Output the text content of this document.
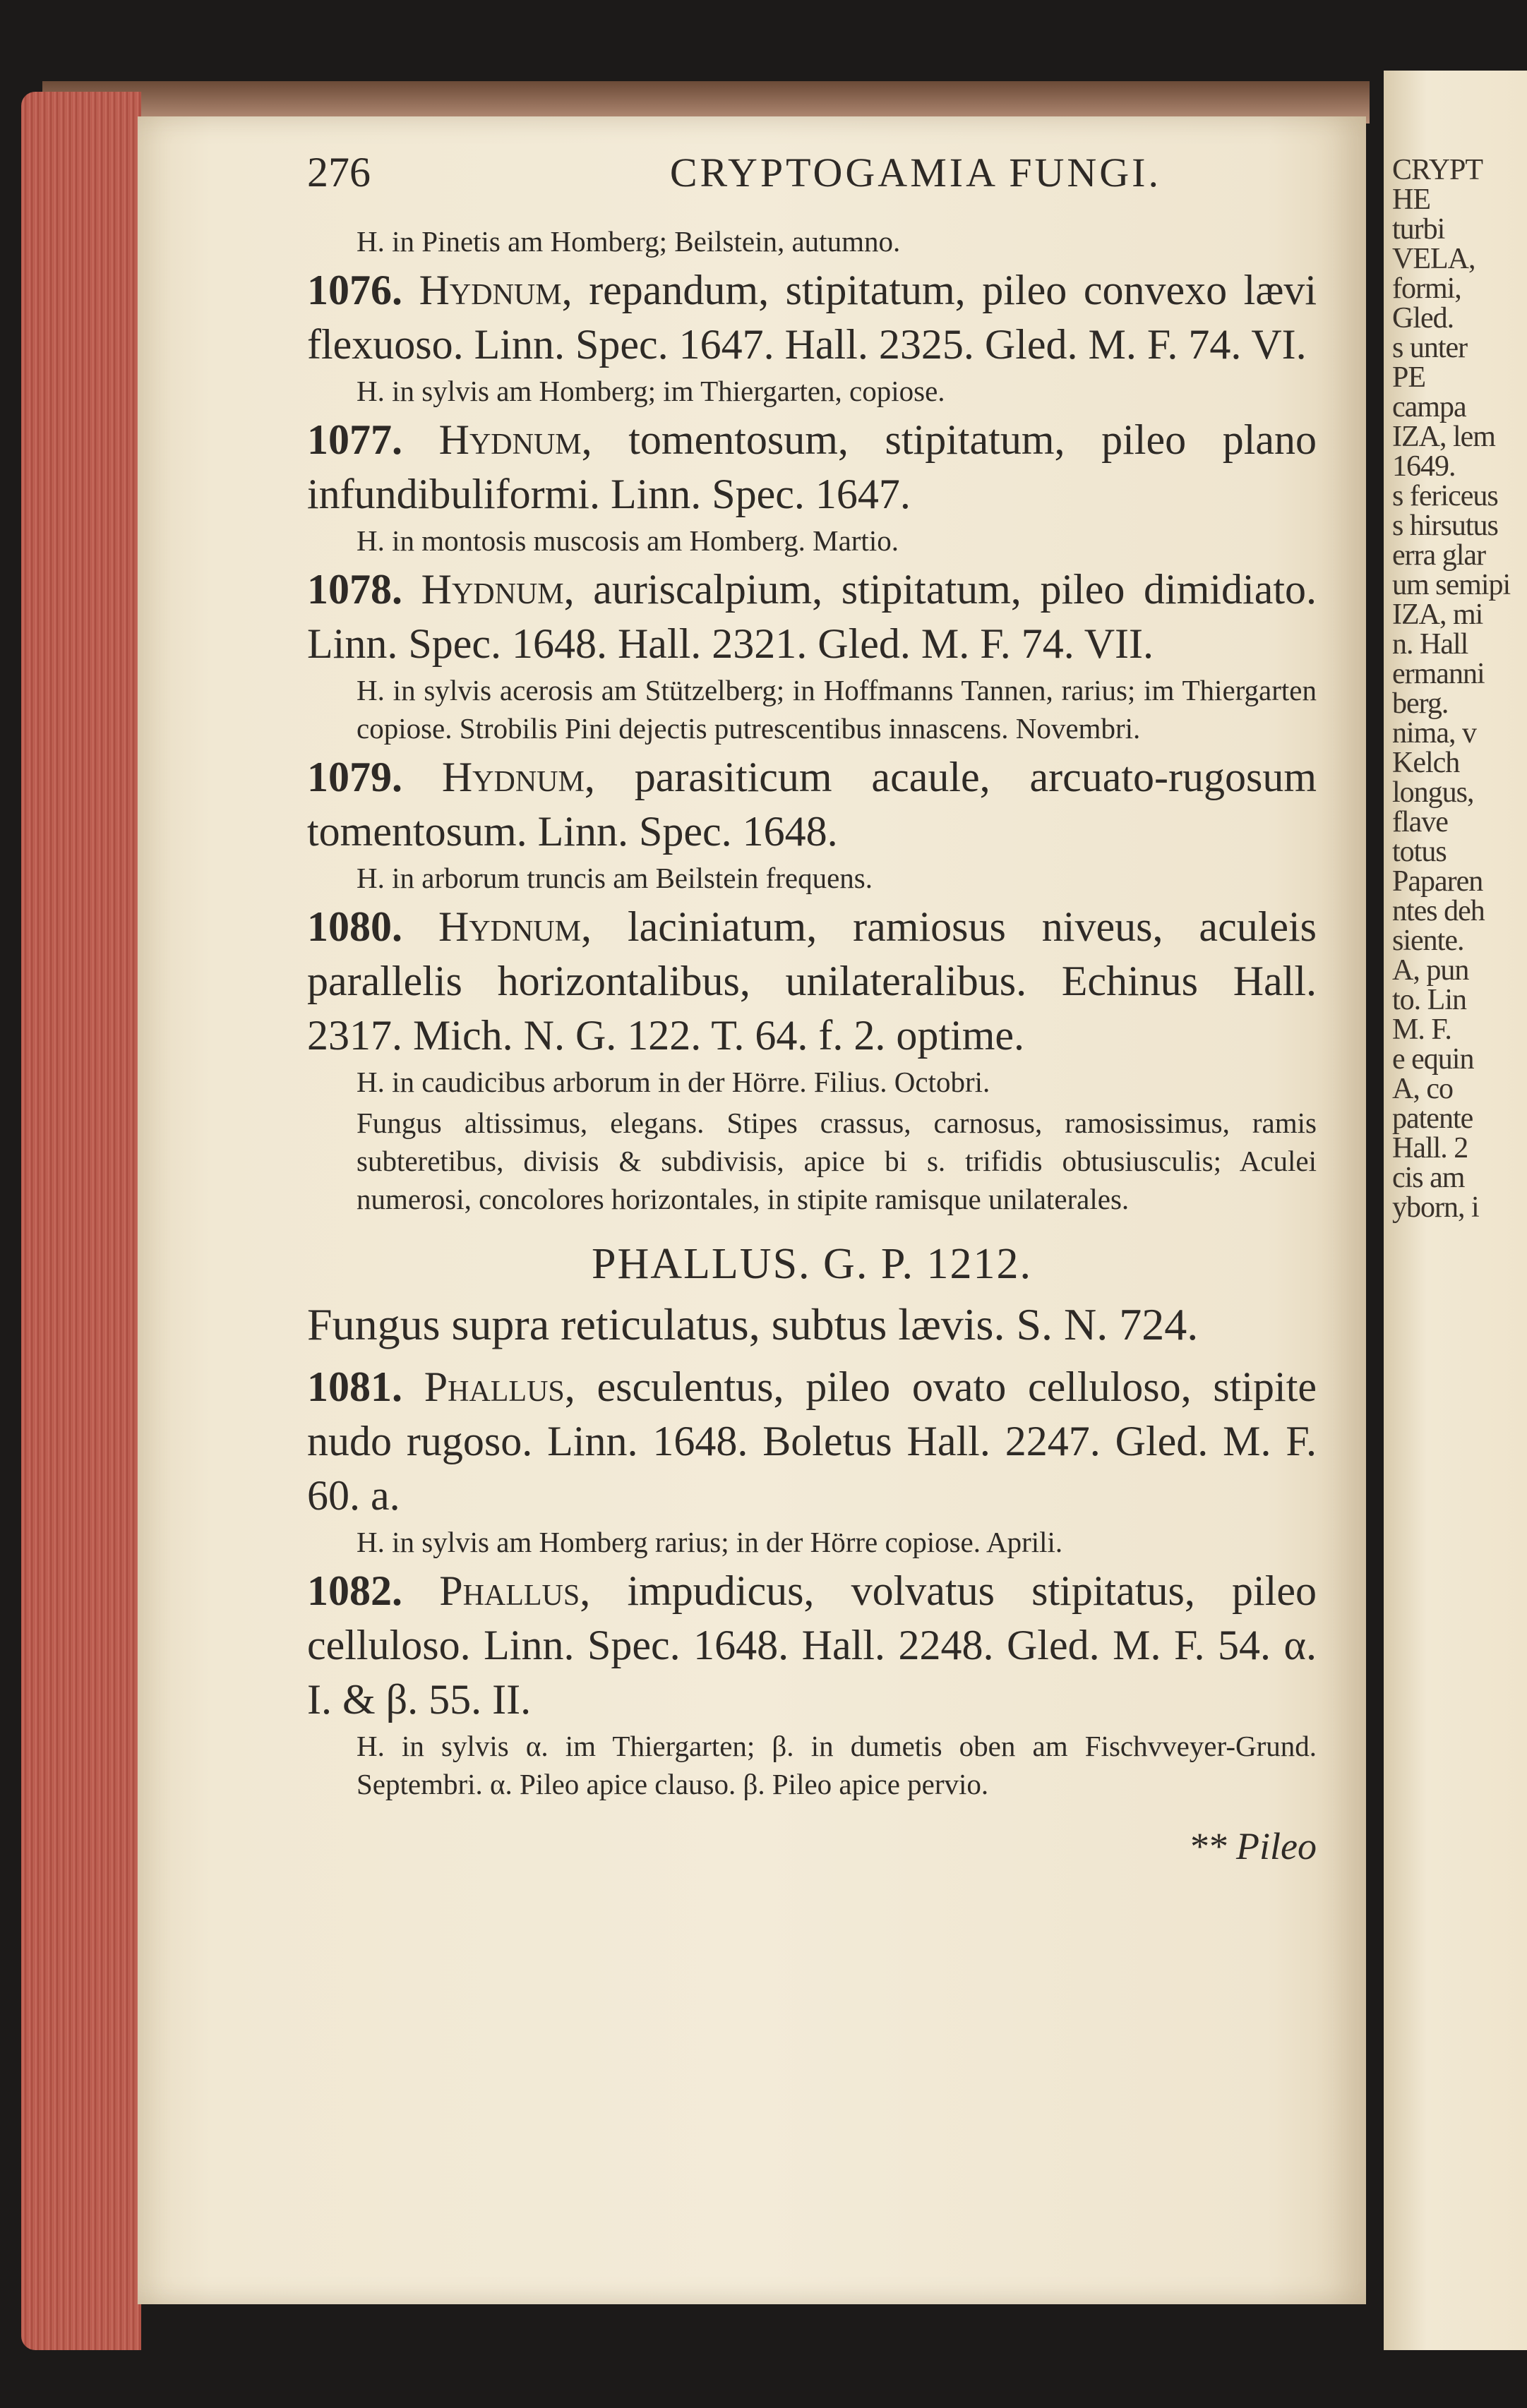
CRYPT
HE
turbi
VELA,
formi,
Gled.
s unter
PE
campa
IZA, lem
1649.
s fericeus
s hirsutus
erra glar
um semipi
IZA, mi
n. Hall
ermanni
berg.
nima, v
Kelch
longus,
flave
totus
Paparen
ntes deh
siente.
A, pun
to. Lin
M. F.
e equin
A, co
patente
Hall. 2
cis am
yborn, i
276	CRYPTOGAMIA FUNGI.

H. in Pinetis am Homberg; Beilstein, autumno.

1076. Hydnum, repandum, stipitatum, pileo convexo lævi flexuoso. Linn. Spec. 1647. Hall. 2325. Gled. M. F. 74. VI.

H. in sylvis am Homberg; im Thiergarten, copiose.

1077. Hydnum, tomentosum, stipitatum, pileo plano infundibuliformi. Linn. Spec. 1647.

H. in montosis muscosis am Homberg. Martio.

1078. Hydnum, auriscalpium, stipitatum, pileo dimidiato. Linn. Spec. 1648. Hall. 2321. Gled. M. F. 74. VII.

H. in sylvis acerosis am Stützelberg; in Hoffmanns Tannen, rarius; im Thiergarten copiose. Strobilis Pini dejectis putrescentibus innascens. Novembri.

1079. Hydnum, parasiticum acaule, arcuato-rugosum tomentosum. Linn. Spec. 1648.

H. in arborum truncis am Beilstein frequens.

1080. Hydnum, laciniatum, ramiosus niveus, aculeis parallelis horizontalibus, unilateralibus. Echinus Hall. 2317. Mich. N. G. 122. T. 64. f. 2. optime.

H. in caudicibus arborum in der Hörre. Filius. Octobri.

Fungus altissimus, elegans. Stipes crassus, carnosus, ramosissimus, ramis subteretibus, divisis & subdivisis, apice bi s. trifidis obtusiusculis; Aculei numerosi, concolores horizontales, in stipite ramisque unilaterales.

PHALLUS. G. P. 1212.

Fungus supra reticulatus, subtus lævis. S. N. 724.

1081. Phallus, esculentus, pileo ovato celluloso, stipite nudo rugoso. Linn. 1648. Boletus Hall. 2247. Gled. M. F. 60. a.

H. in sylvis am Homberg rarius; in der Hörre copiose. Aprili.

1082. Phallus, impudicus, volvatus stipitatus, pileo celluloso. Linn. Spec. 1648. Hall. 2248. Gled. M. F. 54. α. I. & β. 55. II.

H. in sylvis α. im Thiergarten; β. in dumetis oben am Fischvveyer-Grund. Septembri. α. Pileo apice clauso. β. Pileo apice pervio.

** Pileo
